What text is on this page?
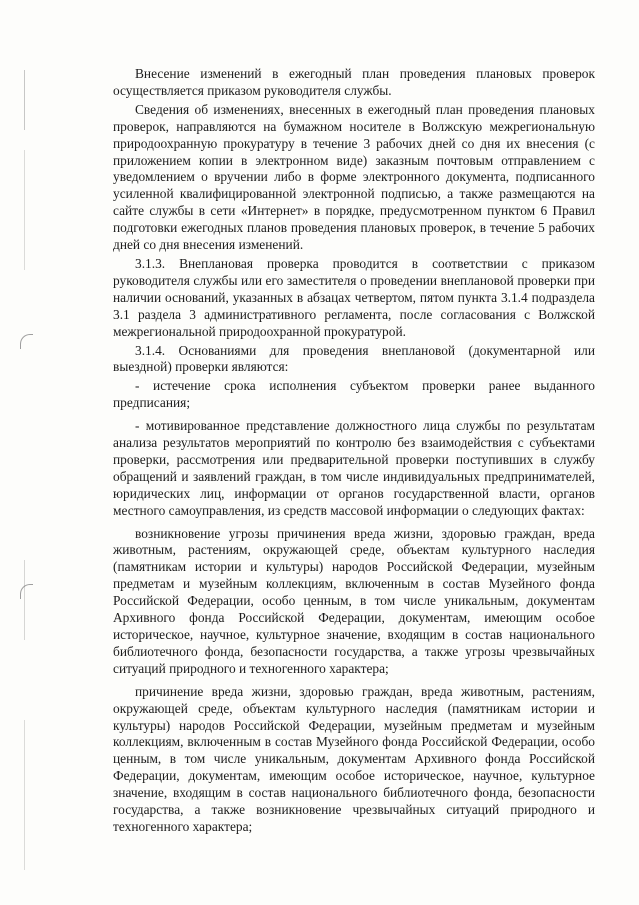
Внесение изменений в ежегодный план проведения плановых проверок осуществляется приказом руководителя службы.

Сведения об изменениях, внесенных в ежегодный план проведения плановых проверок, направляются на бумажном носителе в Волжскую межрегиональную природоохранную прокуратуру в течение 3 рабочих дней со дня их внесения (с приложением копии в электронном виде) заказным почтовым отправлением с уведомлением о вручении либо в форме электронного документа, подписанного усиленной квалифицированной электронной подписью, а также размещаются на сайте службы в сети «Интернет» в порядке, предусмотренном пунктом 6 Правил подготовки ежегодных планов проведения плановых проверок, в течение 5 рабочих дней со дня внесения изменений.

3.1.3. Внеплановая проверка проводится в соответствии с приказом руководителя службы или его заместителя о проведении внеплановой проверки при наличии оснований, указанных в абзацах четвертом, пятом пункта 3.1.4 подраздела 3.1 раздела 3 административного регламента, после согласования с Волжской межрегиональной природоохранной прокуратурой.

3.1.4. Основаниями для проведения внеплановой (документарной или выездной) проверки являются:

- истечение срока исполнения субъектом проверки ранее выданного предписания;

- мотивированное представление должностного лица службы по результатам анализа результатов мероприятий по контролю без взаимодействия с субъектами проверки, рассмотрения или предварительной проверки поступивших в службу обращений и заявлений граждан, в том числе индивидуальных предпринимателей, юридических лиц, информации от органов государственной власти, органов местного самоуправления, из средств массовой информации о следующих фактах:

возникновение угрозы причинения вреда жизни, здоровью граждан, вреда животным, растениям, окружающей среде, объектам культурного наследия (памятникам истории и культуры) народов Российской Федерации, музейным предметам и музейным коллекциям, включенным в состав Музейного фонда Российской Федерации, особо ценным, в том числе уникальным, документам Архивного фонда Российской Федерации, документам, имеющим особое историческое, научное, культурное значение, входящим в состав национального библиотечного фонда, безопасности государства, а также угрозы чрезвычайных ситуаций природного и техногенного характера;

причинение вреда жизни, здоровью граждан, вреда животным, растениям, окружающей среде, объектам культурного наследия (памятникам истории и культуры) народов Российской Федерации, музейным предметам и музейным коллекциям, включенным в состав Музейного фонда Российской Федерации, особо ценным, в том числе уникальным, документам Архивного фонда Российской Федерации, документам, имеющим особое историческое, научное, культурное значение, входящим в состав национального библиотечного фонда, безопасности государства, а также возникновение чрезвычайных ситуаций природного и техногенного характера;
